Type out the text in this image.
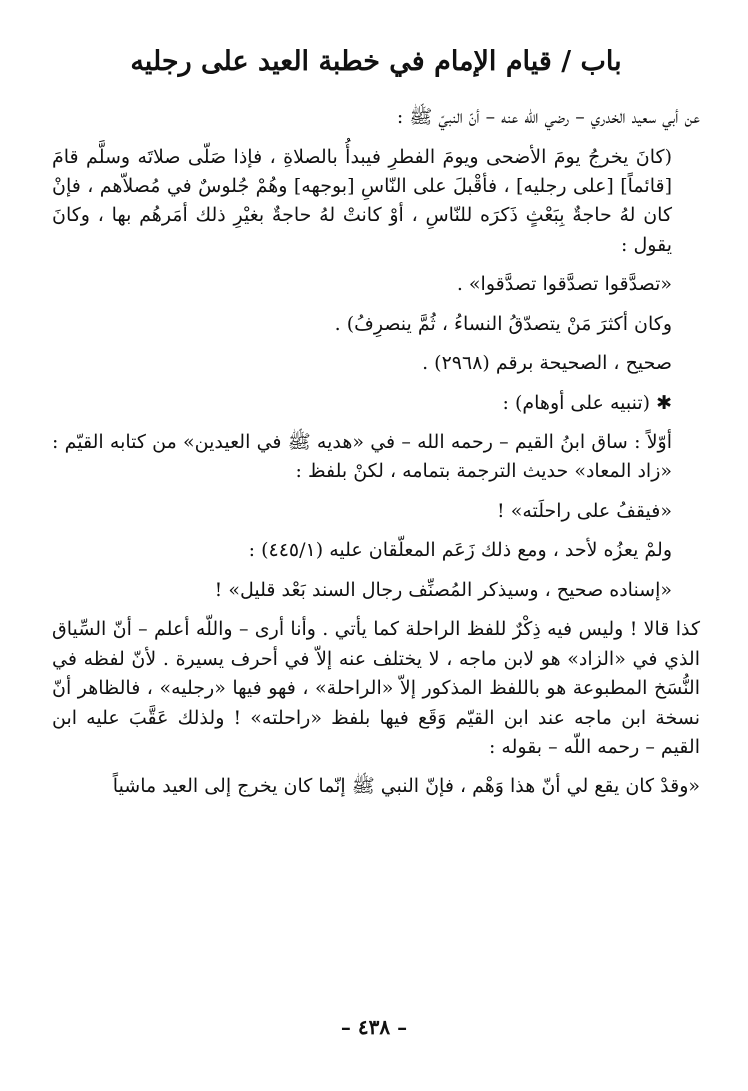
باب / قيام الإمام في خطبة العيد على رجليه

عن أبي سعيد الخدري – رضي الله عنه – أنّ النبيّ ﷺ :

(كانَ يخرجُ يومَ الأضحى ويومَ الفطرِ فيبدأُ بالصلاةِ ، فإذا صَلّى صلاتَه وسلَّم قامَ [قائماً] [على رجليه] ، فأقْبلَ على النّاسِ [بوجهه] وهُمْ جُلوسٌ في مُصلاّهم ، فإنْ كان لهُ حاجةٌ بِبَعْثٍ ذَكرَه للنّاسِ ، أوْ كانتْ لهُ حاجةٌ بغيْرِ ذلك أمَرهُم بها ، وكانَ يقول :

«تصدَّقوا تصدَّقوا تصدَّقوا» .

وكان أكثرَ مَنْ يتصدّقُ النساءُ ، ثُمَّ ينصرِفُ) .

صحيح ، الصحيحة برقم (٢٩٦٨) .

✱ (تنبيه على أوهام) :

أوّلاً : ساق ابنُ القيم – رحمه الله – في «هديه ﷺ في العيدين» من كتابه القيّم : «زاد المعاد» حديث الترجمة بتمامه ، لكنْ بلفظ :

«فيقفُ على راحلَته» !

ولمْ يعزُه لأحد ، ومع ذلك زَعَم المعلّقان عليه (٤٤٥/١) :

«إسناده صحيح ، وسيذكر المُصنِّف رجال السند بَعْد قليل» !

كذا قالا ! وليس فيه ذِكْرٌ للفظ الراحلة كما يأتي . وأنا أرى – واللّه أعلم – أنّ السِّياق الذي في «الزاد» هو لابن ماجه ، لا يختلف عنه إلاّ في أحرف يسيرة . لأنّ لفظه في النُّسَخ المطبوعة هو باللفظ المذكور إلاّ «الراحلة» ، فهو فيها «رجليه» ، فالظاهر أنّ نسخة ابن ماجه عند ابن القيّم وَقَع فيها بلفظ «راحلته» ! ولذلك عَقَّبَ عليه ابن القيم – رحمه اللّه – بقوله :

«وقدْ كان يقع لي أنّ هذا وَهْم ، فإنّ النبي ﷺ إنّما كان يخرج إلى العيد ماشياً

– ٤٣٨ –
